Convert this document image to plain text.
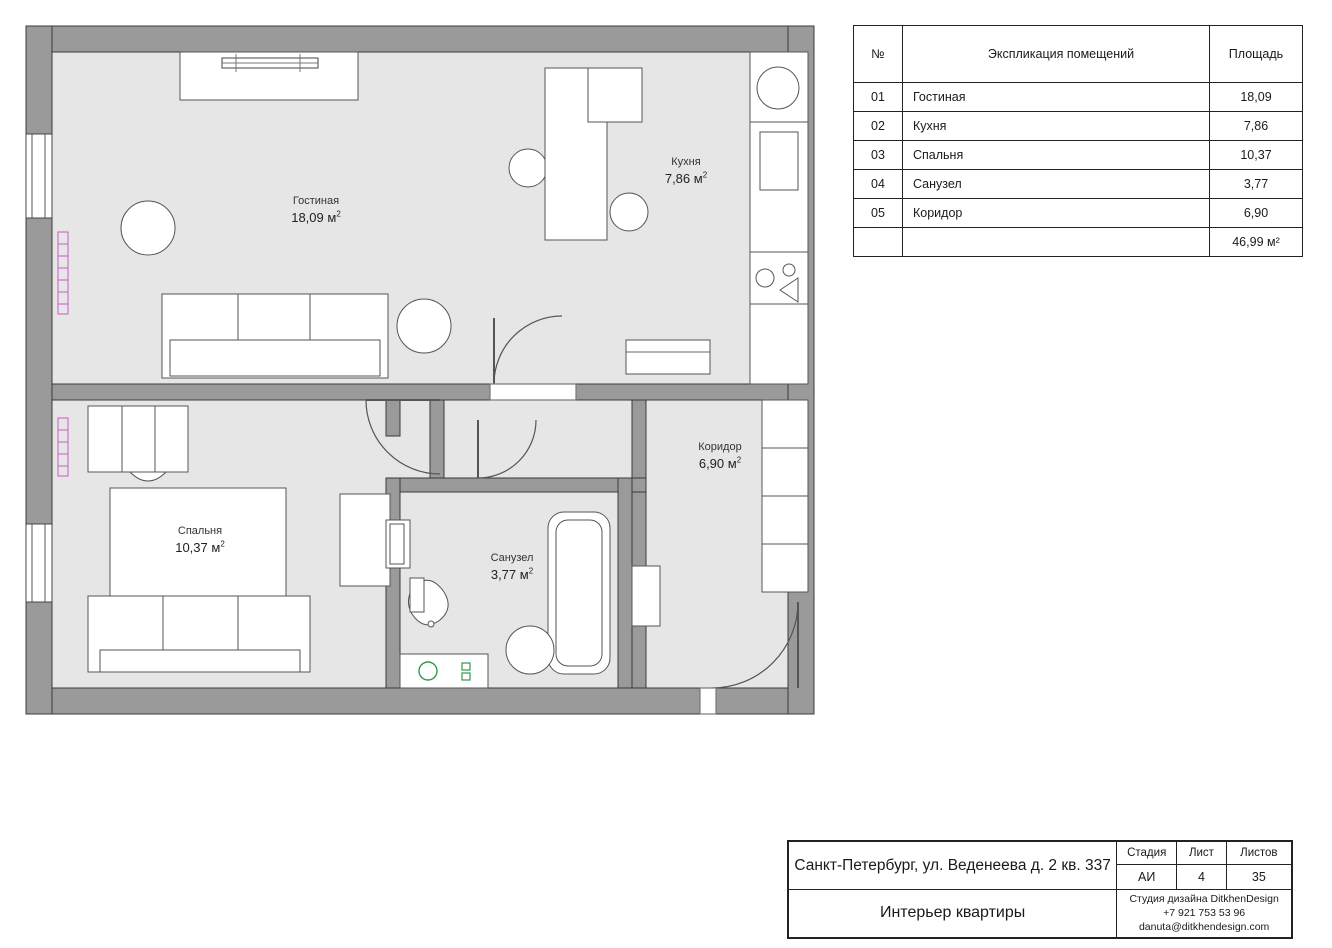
Гостиная
18,09 $м^2$
Кухня
7,86 $м^2$
Спальня
10,37 $м^2$
Санузел
3,77 $м^2$
Коридор
6,90 $м^2$
№	Экспликация помещений	Площадь
01	Гостиная	18,09
02	Кухня	7,86
03	Спальня	10,37
04	Санузел	3,77
05	Коридор	6,90
		46,99 м²
Санкт-Петербург, ул. Веденеева д. 2 кв. 337	Стадия	Лист	Листов
	АИ	4	35
Интерьер квартиры	Студия дизайна DitkhenDesign
+7 921 753 53 96
danuta@ditkhendesign.com		
